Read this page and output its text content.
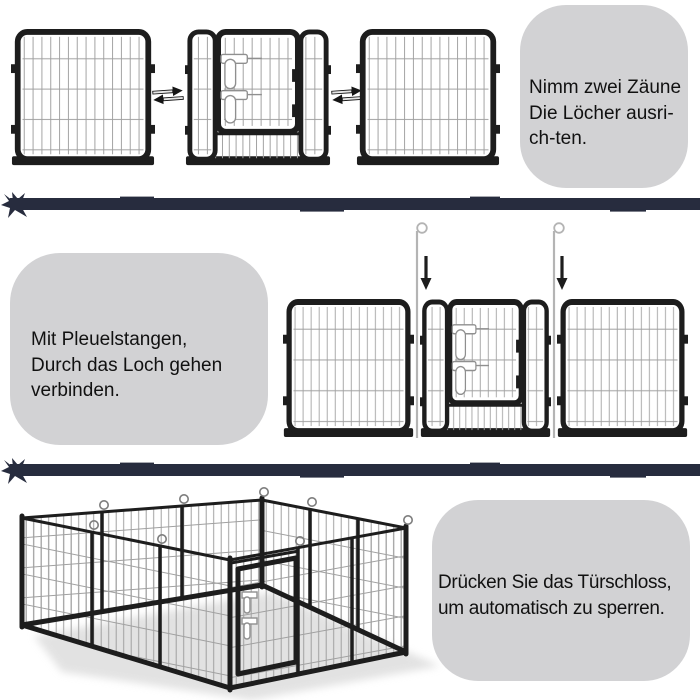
Nimm zwei Zäune
Die Löcher ausri-
ch-ten.
Mit Pleuelstangen,
Durch das Loch gehen
verbinden.
Drücken Sie das Türschloss,
um automatisch zu sperren.
